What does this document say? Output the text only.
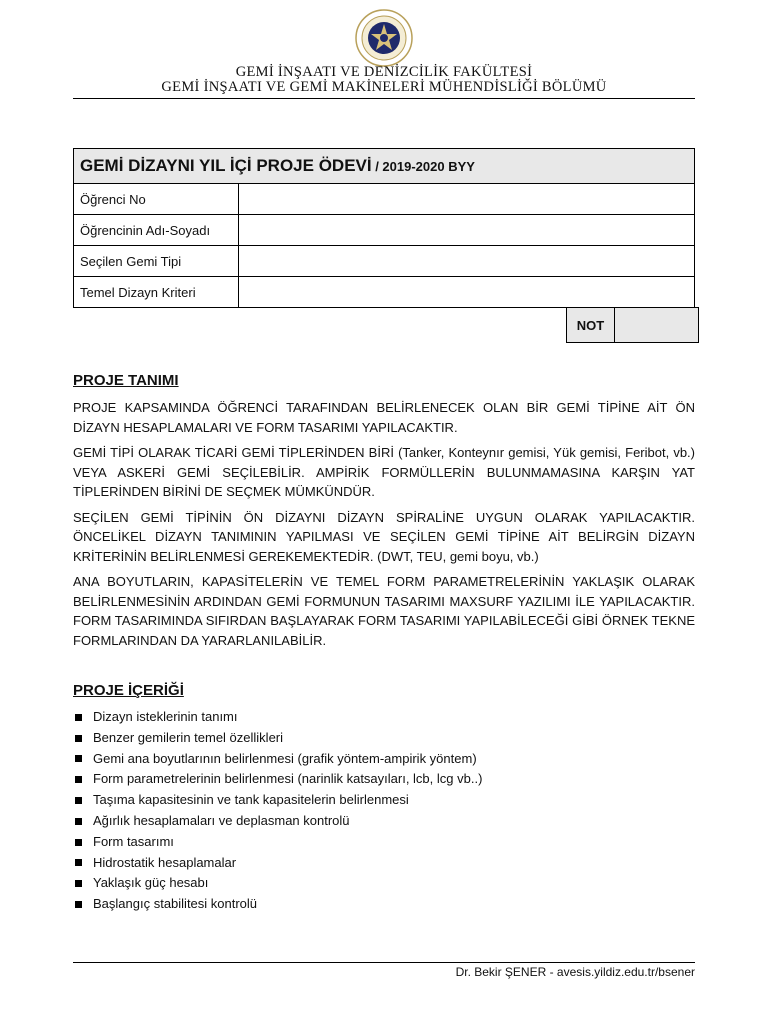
GEMİ İNŞAATI VE DENİZCİLİK FAKÜLTESİ
GEMİ İNŞAATI VE GEMİ MAKİNELERİ MÜHENDİSLİĞİ BÖLÜMÜ
GEMİ DİZAYNI YIL İÇİ PROJE ÖDEVİ / 2019-2020 BYY	
Öğrenci No	
Öğrencinin Adı-Soyadı	
Seçilen Gemi Tipi	
Temel Dizayn Kriteri	
NOT	
PROJE TANIMI

PROJE KAPSAMINDA ÖĞRENCİ TARAFINDAN BELİRLENECEK OLAN BİR GEMİ TİPİNE AİT ÖN DİZAYN HESAPLAMALARI VE FORM TASARIMI YAPILACAKTIR.

GEMİ TİPİ OLARAK TİCARİ GEMİ TİPLERİNDEN BİRİ (Tanker, Konteynır gemisi, Yük gemisi, Feribot, vb.) VEYA ASKERİ GEMİ SEÇİLEBİLİR. AMPİRİK FORMÜLLERİN BULUNMAMASINA KARŞIN YAT TİPLERİNDEN BİRİNİ DE SEÇMEK MÜMKÜNDÜR.

SEÇİLEN GEMİ TİPİNİN ÖN DİZAYNI DİZAYN SPİRALİNE UYGUN OLARAK YAPILACAKTIR. ÖNCELİKEL DİZAYN TANIMININ YAPILMASI VE SEÇİLEN GEMİ TİPİNE AİT BELİRGİN DİZAYN KRİTERİNİN BELİRLENMESİ GEREKEMEKTEDİR. (DWT, TEU, gemi boyu, vb.)

ANA BOYUTLARIN, KAPASİTELERİN VE TEMEL FORM PARAMETRELERİNİN YAKLAŞIK OLARAK BELİRLENMESİNİN ARDINDAN GEMİ FORMUNUN TASARIMI MAXSURF YAZILIMI İLE YAPILACAKTIR. FORM TASARIMINDA SIFIRDAN BAŞLAYARAK FORM TASARIMI YAPILABİLECEĞİ GİBİ ÖRNEK TEKNE FORMLARINDAN DA YARARLANILABİLİR.

PROJE İÇERİĞİ
Dizayn isteklerinin tanımı
Benzer gemilerin temel özellikleri
Gemi ana boyutlarının belirlenmesi (grafik yöntem-ampirik yöntem)
Form parametrelerinin belirlenmesi (narinlik katsayıları, lcb, lcg vb..)
Taşıma kapasitesinin ve tank kapasitelerin belirlenmesi
Ağırlık hesaplamaları ve deplasman kontrolü
Form tasarımı
Hidrostatik hesaplamalar
Yaklaşık güç hesabı
Başlangıç stabilitesi kontrolü
Dr. Bekir ŞENER - avesis.yildiz.edu.tr/bsener
